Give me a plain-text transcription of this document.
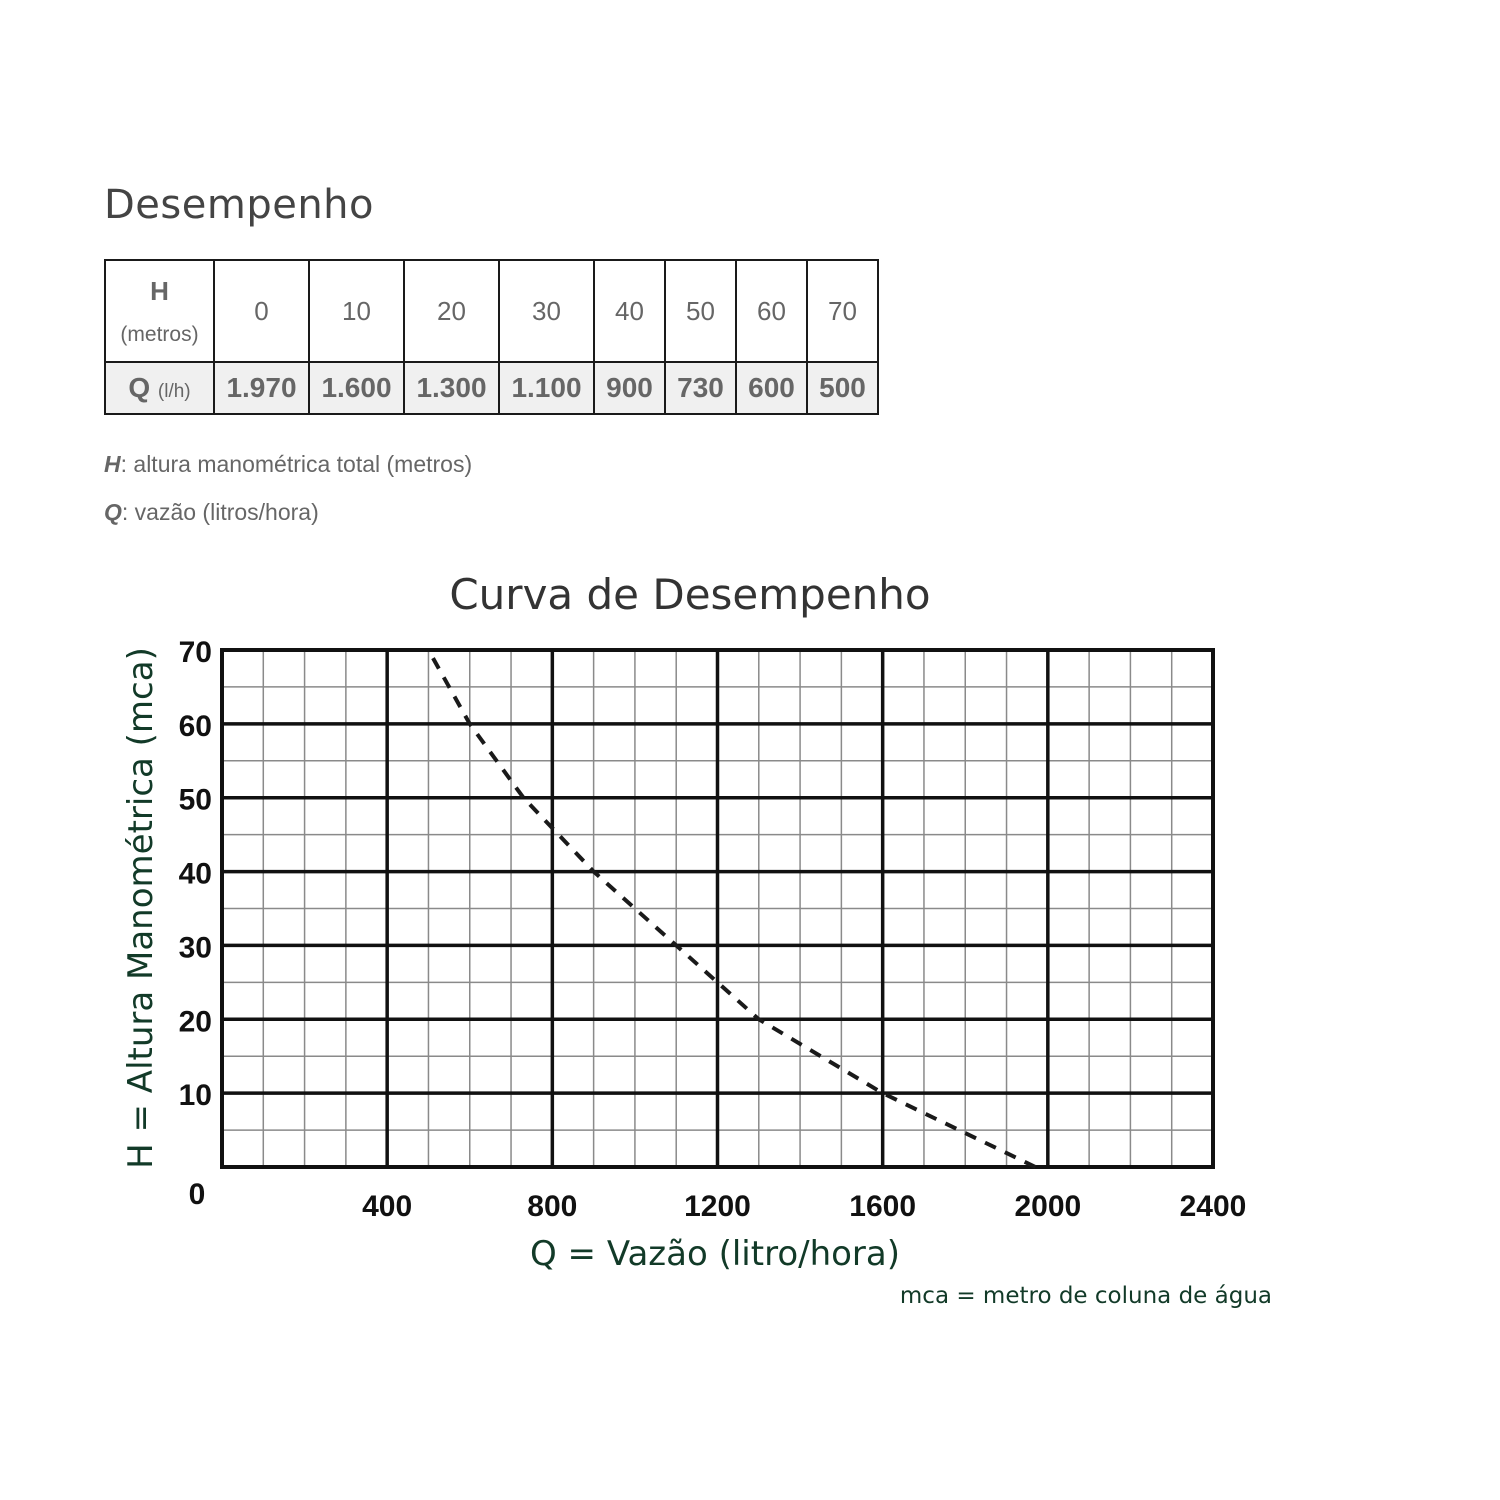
Desempenho
H
(metros)	0	10	20	30	40	50	60	70
Q (l/h)	1.970	1.600	1.300	1.100	900	730	600	500
H: altura manométrica total (metros)
Q: vazão (litros/hora)
Curva de Desempenho
400	800	1200	1600	2000	2400
10
20
30
40
50
60
70
0
Q = Vazão (litro/hora)
H = Altura Manométrica (mca)
mca = metro de coluna de água
